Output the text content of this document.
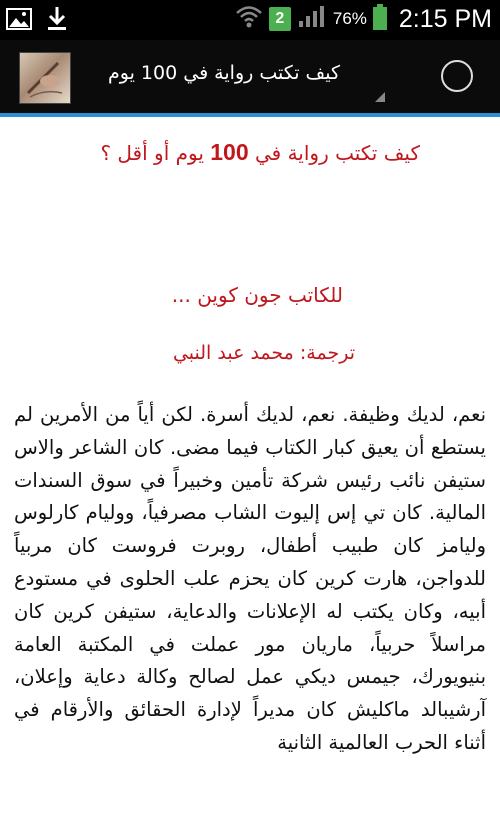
2	76% 2:15 PM
كيف تكتب رواية في 100 يوم
كيف تكتب رواية في 100 يوم أو أقل ؟
للكاتب جون كوين ...
ترجمة: محمد عبد النبي
نعم، لديك وظيفة. نعم، لديك أسرة. لكن أياً من الأمرين لم يستطع أن يعيق كبار الكتاب فيما مضى. كان الشاعر والاس ستيفن نائب رئيس شركة تأمين وخبيراً في سوق السندات المالية. كان تي إس إليوت الشاب مصرفياً، ووليام كارلوس وليامز كان طبيب أطفال، روبرت فروست كان مربياً للدواجن، هارت كرين كان يحزم علب الحلوى في مستودع أبيه، وكان يكتب له الإعلانات والدعاية، ستيفن كرين كان مراسلاً حربياً، ماريان مور عملت في المكتبة العامة بنيويورك، جيمس ديكي عمل لصالح وكالة دعاية وإعلان، آرشيبالد ماكليش كان مديراً لإدارة الحقائق والأرقام في أثناء الحرب العالمية الثانية
